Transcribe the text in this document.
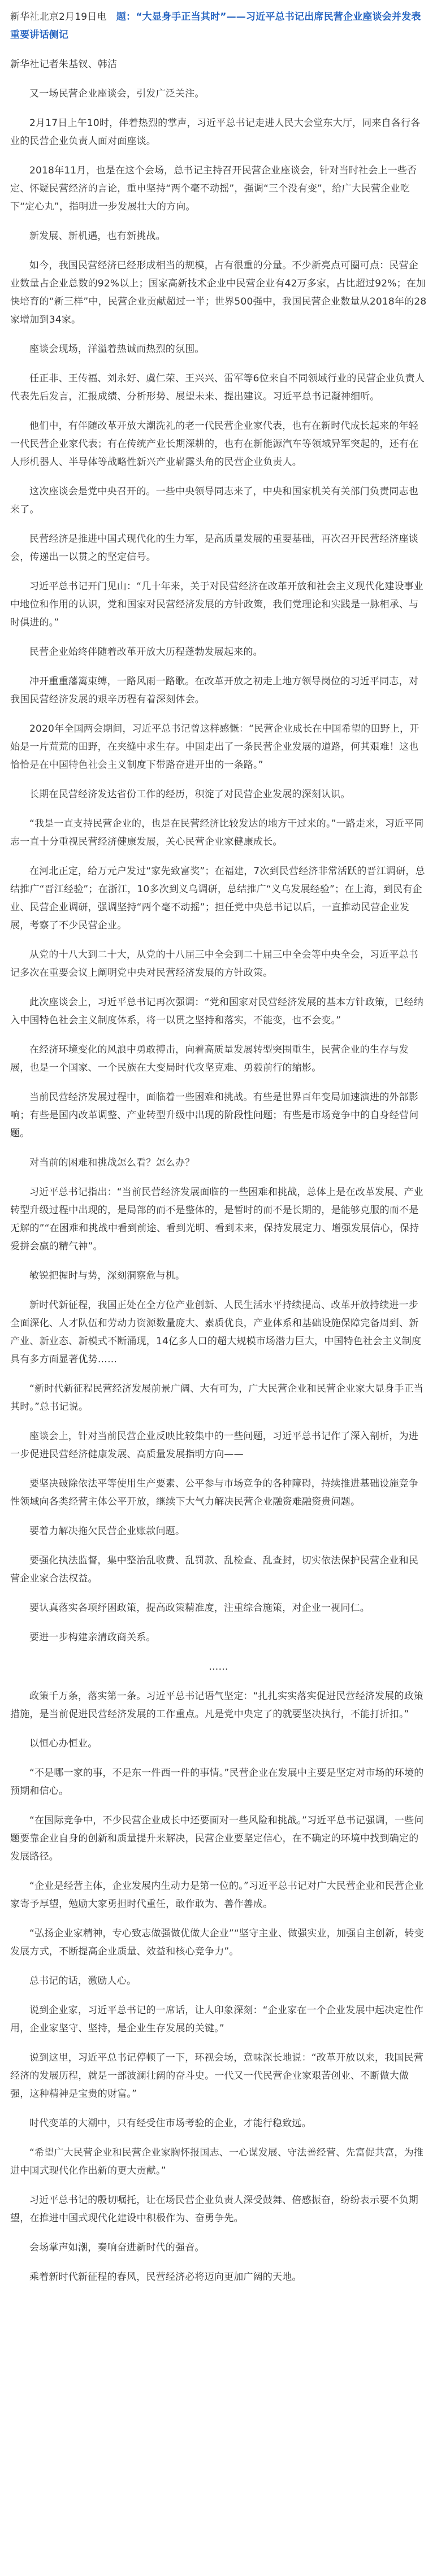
新华社北京2月19日电　 题：“大显身手正当其时”——习近平总书记出席民营企业座谈会并发表重要讲话侧记

新华社记者朱基钗、韩洁

又一场民营企业座谈会，引发广泛关注。

2月17日上午10时，伴着热烈的掌声，习近平总书记走进人民大会堂东大厅，同来自各行各业的民营企业负责人面对面座谈。

2018年11月，也是在这个会场，总书记主持召开民营企业座谈会，针对当时社会上一些否定、怀疑民营经济的言论，重申坚持“两个毫不动摇”，强调“三个没有变”，给广大民营企业吃下“定心丸”，指明进一步发展壮大的方向。

新发展、新机遇，也有新挑战。

如今，我国民营经济已经形成相当的规模，占有很重的分量。不少新亮点可圈可点：民营企业数量占企业总数的92%以上；国家高新技术企业中民营企业有42万多家，占比超过92%；在加快培育的“新三样”中，民营企业贡献超过一半；世界500强中，我国民营企业数量从2018年的28家增加到34家。

座谈会现场，洋溢着热诚而热烈的氛围。

任正非、王传福、刘永好、虞仁荣、王兴兴、雷军等6位来自不同领域行业的民营企业负责人代表先后发言，汇报成绩、分析形势、展望未来、提出建议。习近平总书记凝神细听。

他们中，有伴随改革开放大潮洗礼的老一代民营企业家代表，也有在新时代成长起来的年轻一代民营企业家代表；有在传统产业长期深耕的，也有在新能源汽车等领域异军突起的，还有在人形机器人、半导体等战略性新兴产业崭露头角的民营企业负责人。

这次座谈会是党中央召开的。一些中央领导同志来了，中央和国家机关有关部门负责同志也来了。

民营经济是推进中国式现代化的生力军，是高质量发展的重要基础，再次召开民营经济座谈会，传递出一以贯之的坚定信号。

习近平总书记开门见山：“几十年来，关于对民营经济在改革开放和社会主义现代化建设事业中地位和作用的认识，党和国家对民营经济发展的方针政策，我们党理论和实践是一脉相承、与时俱进的。”

民营企业始终伴随着改革开放大历程蓬勃发展起来的。

冲开重重藩篱束缚，一路风雨一路歌。在改革开放之初走上地方领导岗位的习近平同志，对我国民营经济发展的艰辛历程有着深刻体会。

2020年全国两会期间，习近平总书记曾这样感慨：“民营企业成长在中国希望的田野上，开始是一片荒荒的田野，在夹缝中求生存。中国走出了一条民营企业发展的道路，何其艰难！这也恰恰是在中国特色社会主义制度下带路奋进开出的一条路。”

长期在民营经济发达省份工作的经历，积淀了对民营企业发展的深刻认识。

“我是一直支持民营企业的，也是在民营经济比较发达的地方干过来的。”一路走来，习近平同志一直十分重视民营经济健康发展，关心民营企业家健康成长。

在河北正定，给万元户发过“家先致富奖”；在福建，7次到民营经济非常活跃的晋江调研，总结推广“晋江经验”；在浙江，10多次到义乌调研，总结推广“义乌发展经验”；在上海，到民有企业、民营企业调研，强调坚持“两个毫不动摇”；担任党中央总书记以后，一直推动民营企业发展，考察了不少民营企业。

从党的十八大到二十大，从党的十八届三中全会到二十届三中全会等中央全会，习近平总书记多次在重要会议上阐明党中央对民营经济发展的方针政策。

此次座谈会上，习近平总书记再次强调：“党和国家对民营经济发展的基本方针政策，已经纳入中国特色社会主义制度体系，将一以贯之坚持和落实，不能变，也不会变。”

在经济环境变化的风浪中勇敢搏击，向着高质量发展转型突围重生，民营企业的生存与发展，也是一个国家、一个民族在大变局时代攻坚克难、勇毅前行的缩影。

当前民营经济发展过程中，面临着一些困难和挑战。有些是世界百年变局加速演进的外部影响；有些是国内改革调整、产业转型升级中出现的阶段性问题；有些是市场竞争中的自身经营问题。

对当前的困难和挑战怎么看？怎么办？

习近平总书记指出：“当前民营经济发展面临的一些困难和挑战，总体上是在改革发展、产业转型升级过程中出现的，是局部的而不是整体的，是暂时的而不是长期的，是能够克服的而不是无解的”“在困难和挑战中看到前途、看到光明、看到未来，保持发展定力、增强发展信心，保持爱拼会赢的精气神”。

敏锐把握时与势，深刻洞察危与机。

新时代新征程，我国正处在全方位产业创新、人民生活水平持续提高、改革开放持续进一步全面深化、人才队伍和劳动力资源数量庞大、素质优良，产业体系和基础设施保障完备周到、新产业、新业态、新模式不断涌现，14亿多人口的超大规模市场潜力巨大，中国特色社会主义制度具有多方面显著优势……

“新时代新征程民营经济发展前景广阔、大有可为，广大民营企业和民营企业家大显身手正当其时。”总书记说。

座谈会上，针对当前民营企业反映比较集中的一些问题，习近平总书记作了深入剖析，为进一步促进民营经济健康发展、高质量发展指明方向——

要坚决破除依法平等使用生产要素、公平参与市场竞争的各种障碍，持续推进基础设施竞争性领域向各类经营主体公平开放，继续下大气力解决民营企业融资难融资贵问题。

要着力解决拖欠民营企业账款问题。

要强化执法监督，集中整治乱收费、乱罚款、乱检查、乱查封，切实依法保护民营企业和民营企业家合法权益。

要认真落实各项纾困政策，提高政策精准度，注重综合施策，对企业一视同仁。

要进一步构建亲清政商关系。

……

政策千万条，落实第一条。习近平总书记语气坚定：“扎扎实实落实促进民营经济发展的政策措施，是当前促进民营经济发展的工作重点。凡是党中央定了的就要坚决执行，不能打折扣。”

以恒心办恒业。

“不是哪一家的事，不是东一件西一件的事情。”民营企业在发展中主要是坚定对市场的环境的预期和信心。

“在国际竞争中，不少民营企业成长中还要面对一些风险和挑战。”习近平总书记强调，一些问题要靠企业自身的创新和质量提升来解决，民营企业要坚定信心，在不确定的环境中找到确定的发展路径。

“企业是经营主体，企业发展内生动力是第一位的。”习近平总书记对广大民营企业和民营企业家寄予厚望，勉励大家勇担时代重任，敢作敢为、善作善成。

“弘扬企业家精神，专心致志做强做优做大企业”“坚守主业、做强实业，加强自主创新，转变发展方式，不断提高企业质量、效益和核心竞争力”。

总书记的话，激励人心。

说到企业家，习近平总书记的一席话，让人印象深刻：“企业家在一个企业发展中起决定性作用，企业家坚守、坚持，是企业生存发展的关键。”

说到这里，习近平总书记停顿了一下，环视会场，意味深长地说：“改革开放以来，我国民营经济的发展历程，就是一部波澜壮阔的奋斗史。一代又一代民营企业家艰苦创业、不断做大做强，这种精神是宝贵的财富。”

时代变革的大潮中，只有经受住市场考验的企业，才能行稳致远。

“希望广大民营企业和民营企业家胸怀报国志、一心谋发展、守法善经营、先富促共富，为推进中国式现代化作出新的更大贡献。”

习近平总书记的殷切嘱托，让在场民营企业负责人深受鼓舞、倍感振奋，纷纷表示要不负期望，在推进中国式现代化建设中积极作为、奋勇争先。

会场掌声如潮，奏响奋进新时代的强音。

乘着新时代新征程的春风，民营经济必将迈向更加广阔的天地。
